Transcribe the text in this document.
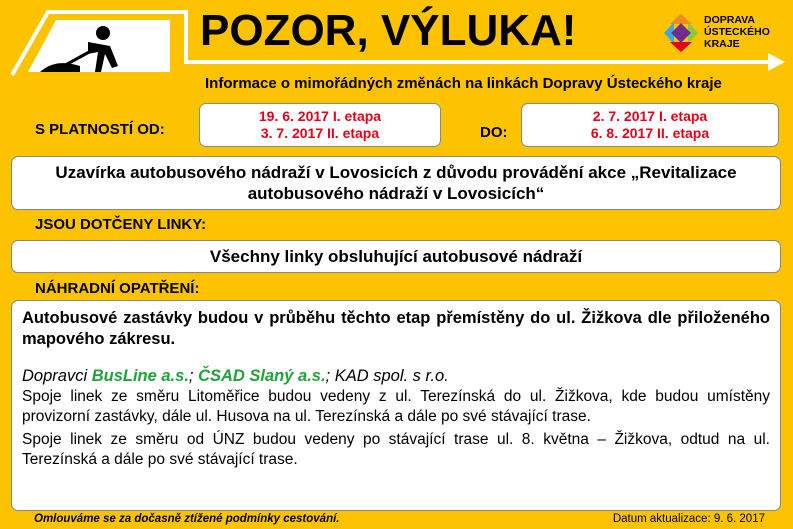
POZOR, VÝLUKA!
Informace o mimořádných změnách na linkách Dopravy Ústeckého kraje
DOPRAVA
ÚSTECKÉHO
KRAJE
S PLATNOSTÍ OD:
19. 6. 2017 I. etapa
3. 7. 2017 II. etapa	DO:
2. 7. 2017 I. etapa
6. 8. 2017 II. etapa
Uzavírka autobusového nádraží v Lovosicích z důvodu provádění akce „Revitalizace
autobusového nádraží v Lovosicích“
JSOU DOTČENY LINKY:
Všechny linky obsluhující autobusové nádraží
NÁHRADNÍ OPATŘENÍ:
Autobusové zastávky budou v průběhu těchto etap přemístěny do ul. Žižkova dle přiloženého mapového zákresu.
Dopravci BusLine a.s.; ČSAD Slaný a.s.; KAD spol. s r.o.
Spoje linek ze směru Litoměřice budou vedeny z ul. Terezínská do ul. Žižkova, kde budou umístěny provizorní zastávky, dále ul. Husova na ul. Terezínská a dále po své stávající trase.
Spoje linek ze směru od ÚNZ budou vedeny po stávající trase ul. 8. května – Žižkova, odtud na ul. Terezínská a dále po své stávající trase.
Omlouváme se za dočasně ztížené podmínky cestování.	Datum aktualizace: 9. 6. 2017
